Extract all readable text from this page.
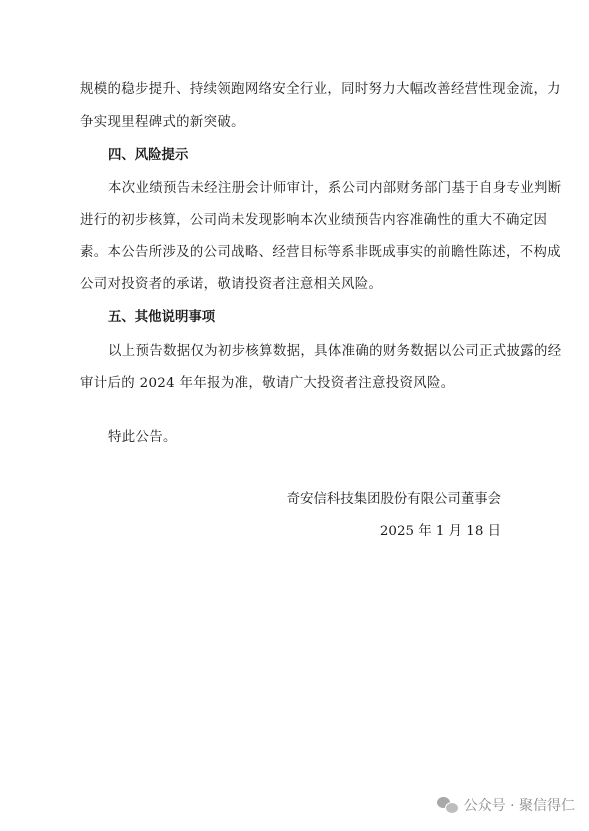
规模的稳步提升、持续领跑网络安全行业，同时努力大幅改善经营性现金流，力
争实现里程碑式的新突破。
四、风险提示
本次业绩预告未经注册会计师审计，系公司内部财务部门基于自身专业判断
进行的初步核算，公司尚未发现影响本次业绩预告内容准确性的重大不确定因
素。本公告所涉及的公司战略、经营目标等系非既成事实的前瞻性陈述，不构成
公司对投资者的承诺，敬请投资者注意相关风险。
五、其他说明事项
以上预告数据仅为初步核算数据，具体准确的财务数据以公司正式披露的经
审计后的 2024 年年报为准，敬请广大投资者注意投资风险。
特此公告。
奇安信科技集团股份有限公司董事会
2025 年 1 月 18 日
公众号 · 聚信得仁
